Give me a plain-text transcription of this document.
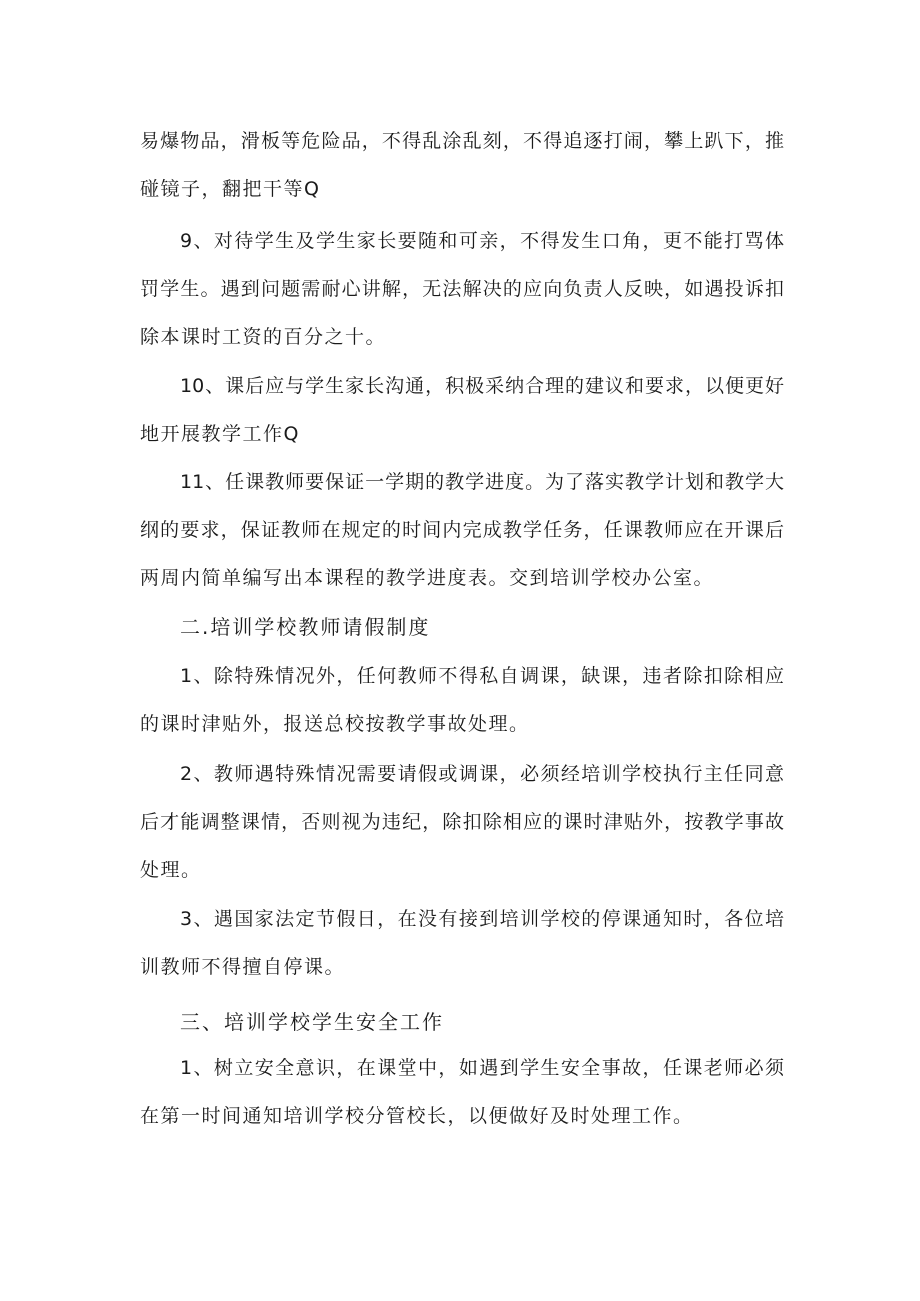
易爆物品，滑板等危险品，不得乱涂乱刻，不得追逐打闹，攀上趴下，推
碰镜子，翻把干等Q
9、对待学生及学生家长要随和可亲，不得发生口角，更不能打骂体
罚学生。遇到问题需耐心讲解，无法解决的应向负责人反映，如遇投诉扣
除本课时工资的百分之十。
10、课后应与学生家长沟通，积极采纳合理的建议和要求，以便更好
地开展教学工作Q
11、任课教师要保证一学期的教学进度。为了落实教学计划和教学大
纲的要求，保证教师在规定的时间内完成教学任务，任课教师应在开课后
两周内简单编写出本课程的教学进度表。交到培训学校办公室。
二.培训学校教师请假制度
1、除特殊情况外，任何教师不得私自调课，缺课，违者除扣除相应
的课时津贴外，报送总校按教学事故处理。
2、教师遇特殊情况需要请假或调课，必须经培训学校执行主任同意
后才能调整课情，否则视为违纪，除扣除相应的课时津贴外，按教学事故
处理。
3、遇国家法定节假日，在没有接到培训学校的停课通知时，各位培
训教师不得擅自停课。
三、培训学校学生安全工作
1、树立安全意识，在课堂中，如遇到学生安全事故，任课老师必须
在第一时间通知培训学校分管校长，以便做好及时处理工作。
